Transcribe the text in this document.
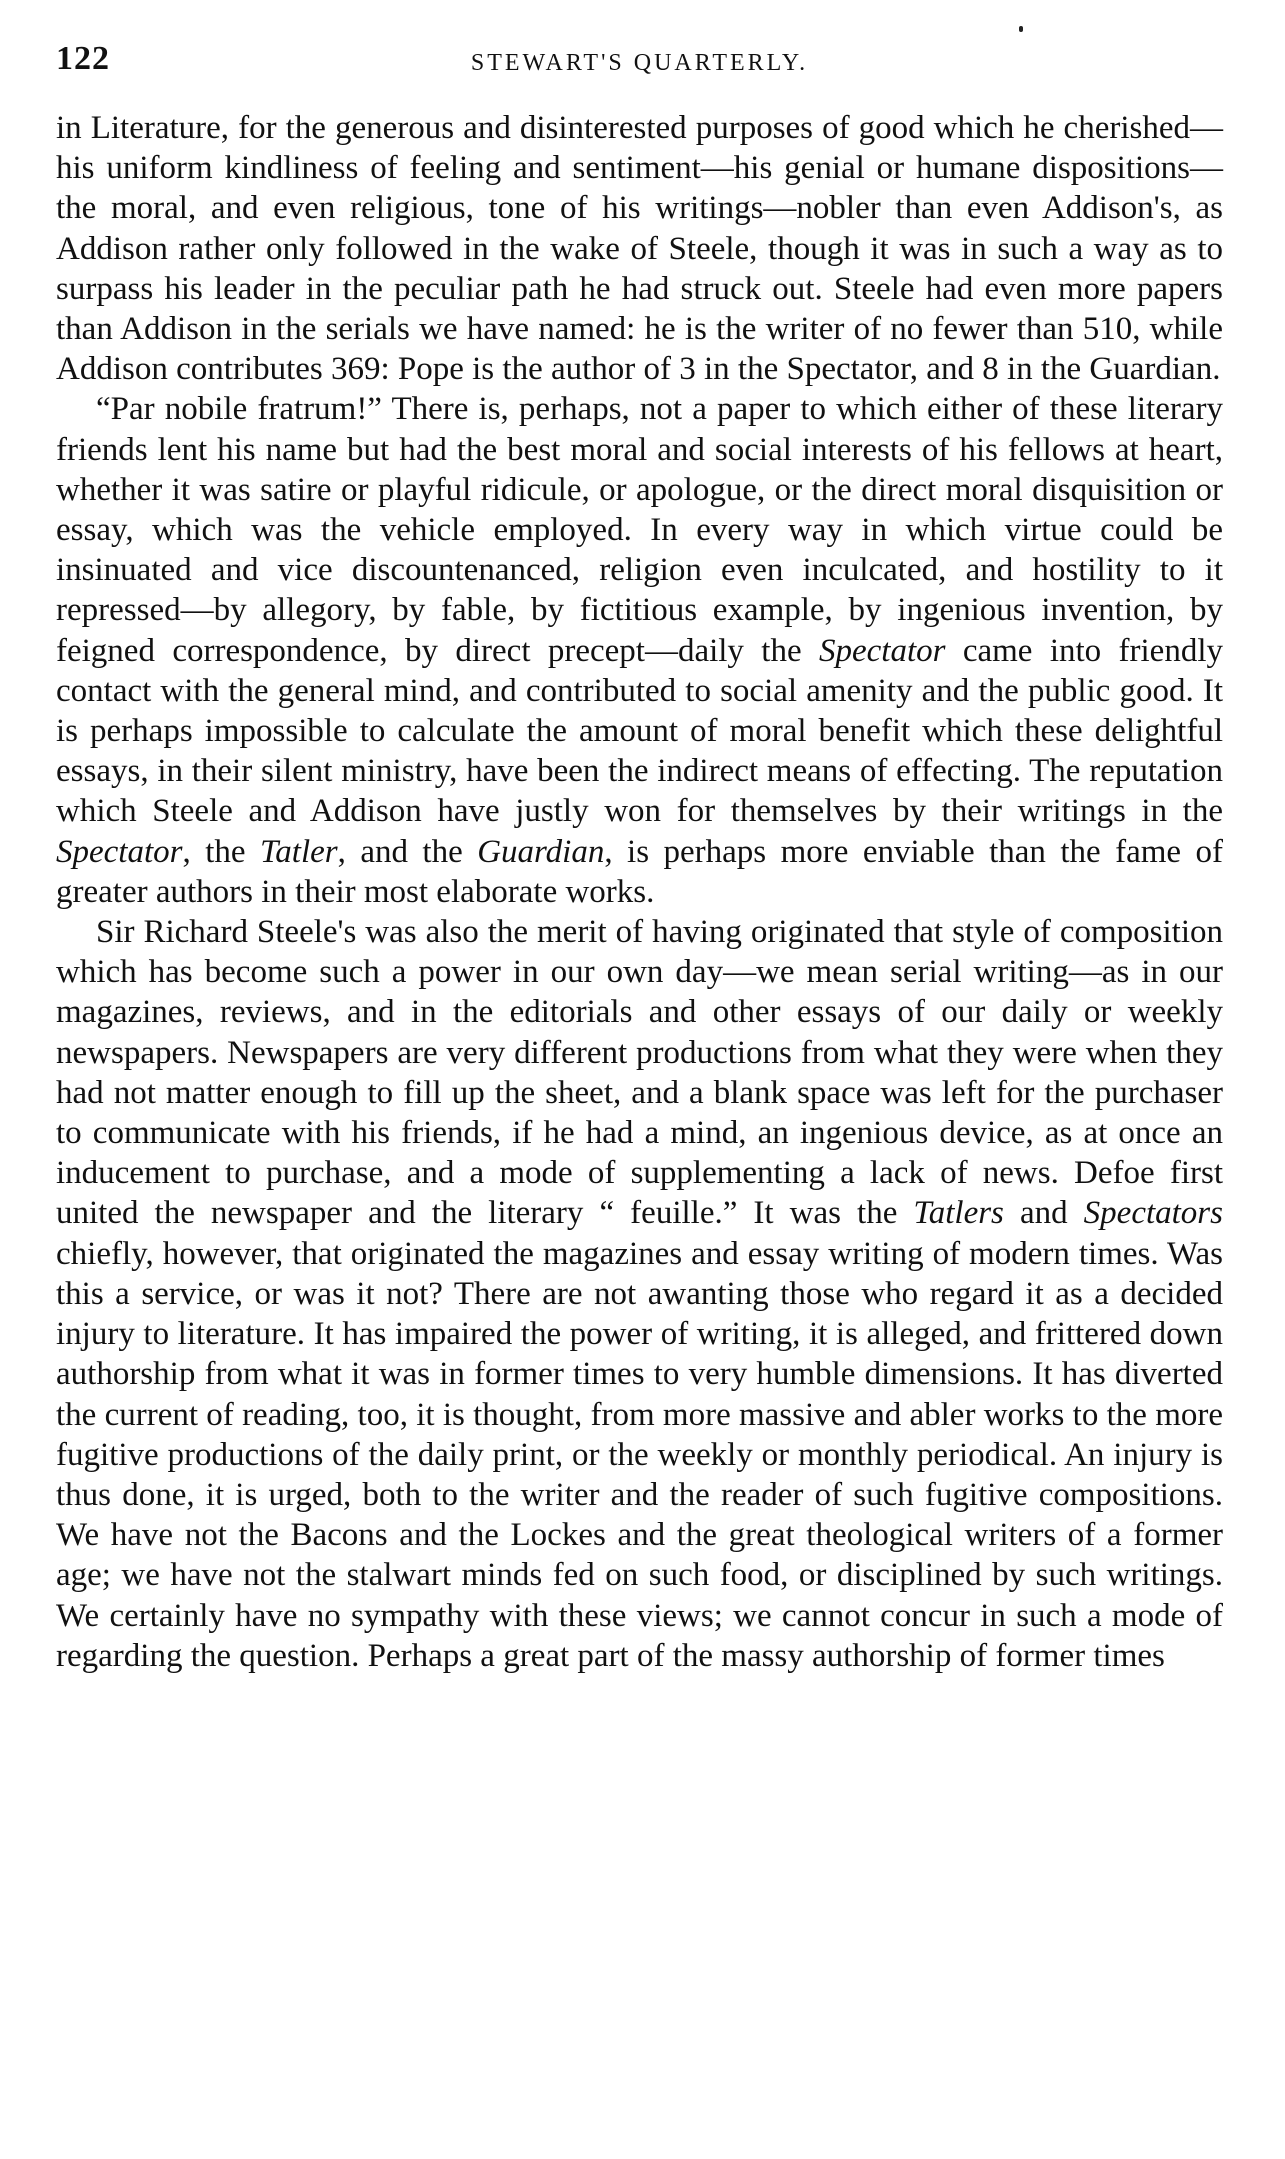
122	STEWART'S QUARTERLY.

in Literature, for the generous and disinterested purposes of good which he cherished—his uniform kindliness of feeling and sentiment—his genial or humane dispositions—the moral, and even religious, tone of his writings—nobler than even Addison's, as Addison rather only followed in the wake of Steele, though it was in such a way as to surpass his leader in the peculiar path he had struck out. Steele had even more papers than Addison in the serials we have named: he is the writer of no fewer than 510, while Addison contributes 369: Pope is the author of 3 in the Spectator, and 8 in the Guardian.

“Par nobile fratrum!” There is, perhaps, not a paper to which either of these literary friends lent his name but had the best moral and social interests of his fellows at heart, whether it was satire or playful ridicule, or apologue, or the direct moral disquisition or essay, which was the vehicle employed. In every way in which virtue could be insinuated and vice discountenanced, religion even inculcated, and hostility to it repressed—by allegory, by fable, by fictitious example, by ingenious invention, by feigned correspondence, by direct precept—daily the Spectator came into friendly contact with the general mind, and contributed to social amenity and the public good. It is perhaps impossible to calculate the amount of moral benefit which these delightful essays, in their silent ministry, have been the indirect means of effecting. The reputation which Steele and Addison have justly won for themselves by their writings in the Spectator, the Tatler, and the Guardian, is perhaps more enviable than the fame of greater authors in their most elaborate works.

Sir Richard Steele's was also the merit of having originated that style of composition which has become such a power in our own day—we mean serial writing—as in our magazines, reviews, and in the editorials and other essays of our daily or weekly newspapers. Newspapers are very different productions from what they were when they had not matter enough to fill up the sheet, and a blank space was left for the purchaser to communicate with his friends, if he had a mind, an ingenious device, as at once an inducement to purchase, and a mode of supplementing a lack of news. Defoe first united the newspaper and the literary “ feuille.” It was the Tatlers and Spectators chiefly, however, that originated the magazines and essay writing of modern times. Was this a service, or was it not? There are not awanting those who regard it as a decided injury to literature. It has impaired the power of writing, it is alleged, and frittered down authorship from what it was in former times to very humble dimensions. It has diverted the current of reading, too, it is thought, from more massive and abler works to the more fugitive productions of the daily print, or the weekly or monthly periodical. An injury is thus done, it is urged, both to the writer and the reader of such fugitive compositions. We have not the Bacons and the Lockes and the great theological writers of a former age; we have not the stalwart minds fed on such food, or disciplined by such writings. We certainly have no sympathy with these views; we cannot concur in such a mode of regarding the question. Perhaps a great part of the massy authorship of former times
